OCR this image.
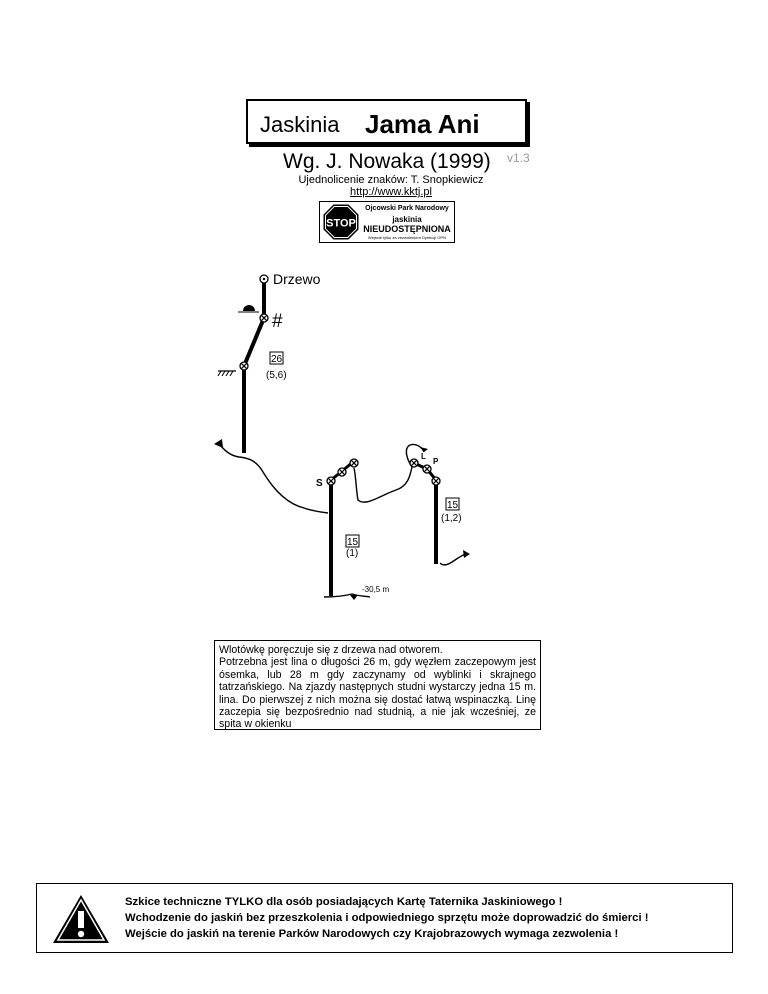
Jaskinia Jama Ani
Wg. J. Nowaka (1999) v1.3
Ujednolicenie znaków: T. Snopkiewicz
http://www.kktj.pl
STOP
Ojcowski Park Narodowy
jaskinia
NIEUDOSTĘPNIONA
Wejście tylko za zezwoleniem Dyrekcji OPN
Drzewo
#
26
(5,6)
S
15
(1)
-30,5 m
L
P
15
(1,2)

Wlotówkę poręczuje się z drzewa nad otworem.

Potrzebna jest lina o długości 26 m, gdy węzłem zaczepowym jest ósemka, lub 28 m gdy zaczynamy od wyblinki i skrajnego tatrzańskiego. Na zjazdy następnych studni wystarczy jedna 15 m. lina. Do pierwszej z nich można się dostać łatwą wspinaczką. Linę zaczepia się bezpośrednio nad studnią, a nie jak wcześniej, ze spita w okienku

Szkice techniczne TYLKO dla osób posiadających Kartę Taternika Jaskiniowego !
Wchodzenie do jaskiń bez przeszkolenia i odpowiedniego sprzętu może doprowadzić do śmierci !
Wejście do jaskiń na terenie Parków Narodowych czy Krajobrazowych wymaga zezwolenia !
